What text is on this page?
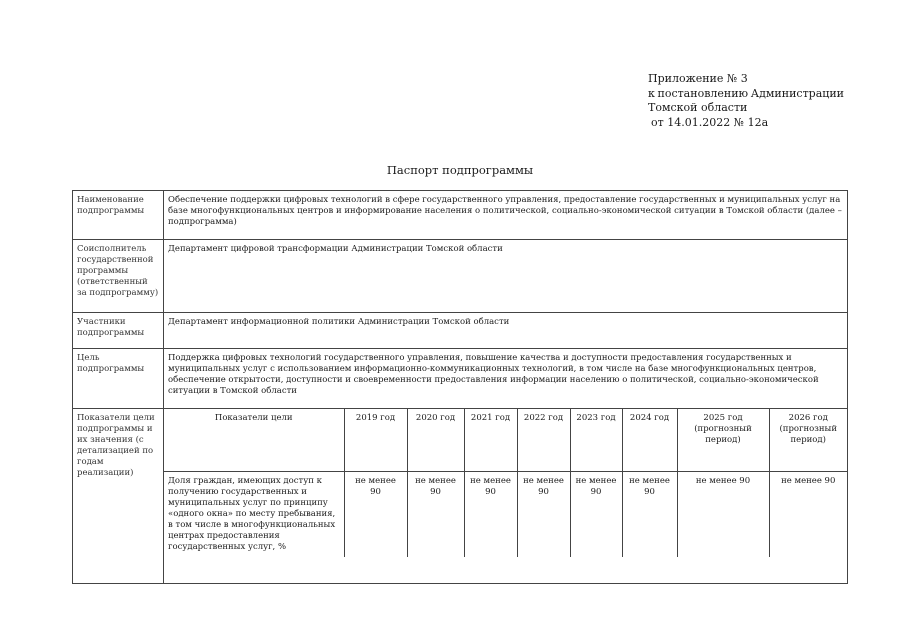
Приложение № 3
к постановлению Администрации
Томской области
от 14.01.2022 № 12а
Паспорт подпрограммы
Наименование подпрограммы	Обеспечение поддержки цифровых технологий в сфере государственного управления, предоставление государственных и муниципальных услуг на базе многофункциональных центров и информирование населения о политической, социально-экономической ситуации в Томской области (далее – подпрограмма)
Соисполнитель государственной программы (ответственный за подпрограмму)	Департамент цифровой трансформации Администрации Томской области
Участники подпрограммы	Департамент информационной политики Администрации Томской области
Цель подпрограммы	Поддержка цифровых технологий государственного управления, повышение качества и доступности предоставления государственных и муниципальных услуг с использованием информационно-коммуникационных технологий, в том числе на базе многофункциональных центров, обеспечение открытости, доступности и своевременности предоставления информации населению о политической, социально-экономической ситуации в Томской области
Показатели цели подпрограммы и их значения (с детализацией по годам реализации)	
Показатели цели	2019 год	2020 год	2021 год	2022 год	2023 год	2024 год	2025 год (прогнозный период)	2026 год (прогнозный период)
Доля граждан, имеющих доступ к получению государственных и муниципальных услуг по принципу «одного окна» по месту пребывания, в том числе в многофункциональных центрах предоставления государственных услуг, %	не менее 90	не менее 90	не менее 90	не менее 90	не менее 90	не менее 90	не менее 90	не менее 90
